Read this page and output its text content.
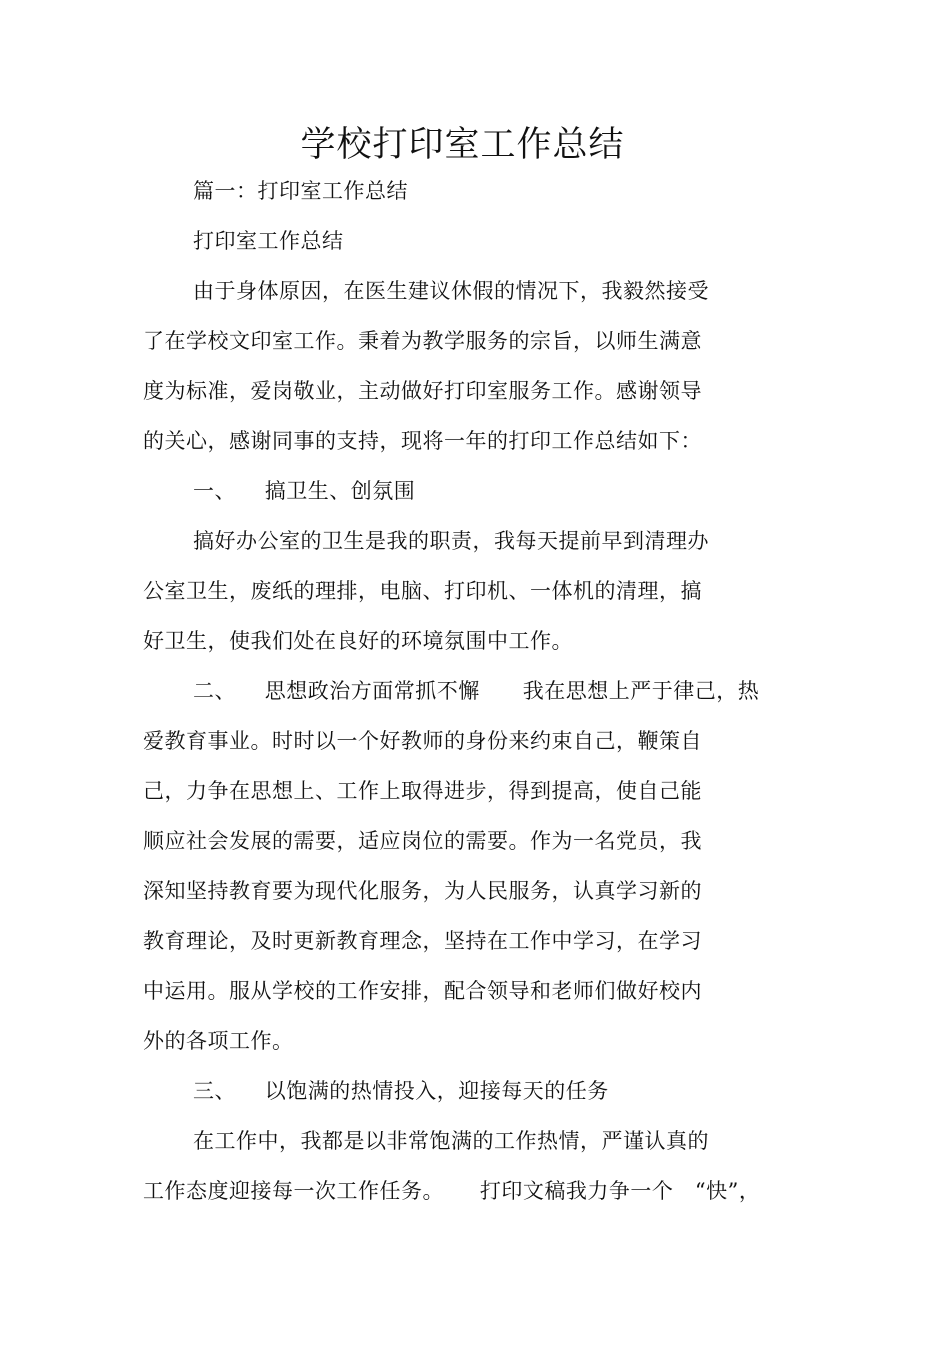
学校打印室工作总结
篇一：打印室工作总结
打印室工作总结
由于身体原因，在医生建议休假的情况下，我毅然接受
了在学校文印室工作。秉着为教学服务的宗旨，以师生满意
度为标准，爱岗敬业，主动做好打印室服务工作。感谢领导
的关心，感谢同事的支持，现将一年的打印工作总结如下：
一、    搞卫生、创氛围
搞好办公室的卫生是我的职责，我每天提前早到清理办
公室卫生，废纸的理排，电脑、打印机、一体机的清理，搞
好卫生，使我们处在良好的环境氛围中工作。
二、    思想政治方面常抓不懈      我在思想上严于律己，热
爱教育事业。时时以一个好教师的身份来约束自己，鞭策自
己，力争在思想上、工作上取得进步，得到提高，使自己能
顺应社会发展的需要，适应岗位的需要。作为一名党员，我
深知坚持教育要为现代化服务，为人民服务，认真学习新的
教育理论，及时更新教育理念，坚持在工作中学习，在学习
中运用。服从学校的工作安排，配合领导和老师们做好校内
外的各项工作。
三、    以饱满的热情投入，迎接每天的任务
在工作中，我都是以非常饱满的工作热情，严谨认真的
工作态度迎接每一次工作任务。     打印文稿我力争一个   “快”，
